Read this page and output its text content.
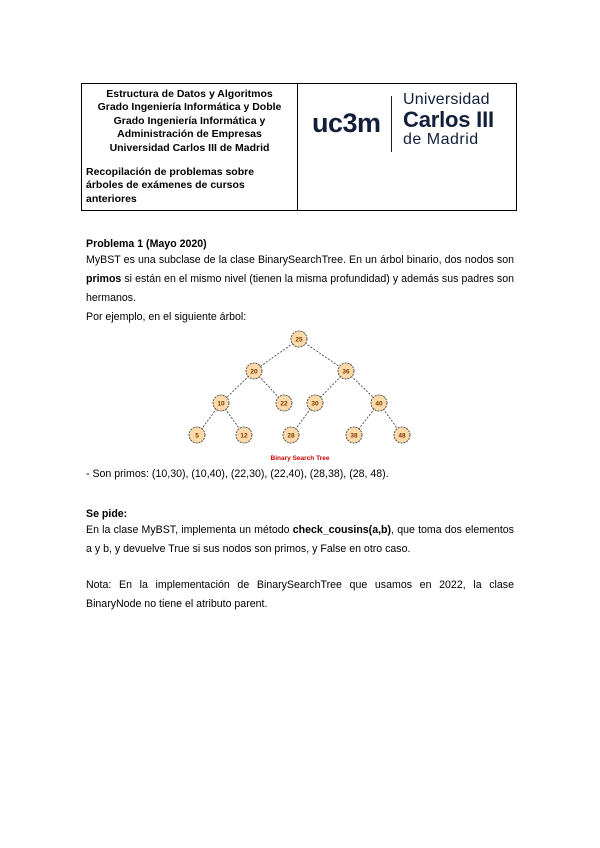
Estructura de Datos y Algoritmos
Grado Ingeniería Informática y Doble
Grado Ingeniería Informática y
Administración de Empresas
Universidad Carlos III de Madrid
Recopilación de problemas sobre árboles de exámenes de cursos anteriores
uc3m
Universidad
Carlos III
de Madrid
Problema 1 (Mayo 2020)
MyBST es una subclase de la clase BinarySearchTree. En un árbol binario, dos nodos son primos si están en el mismo nivel (tienen la misma profundidad) y además sus padres son hermanos.
Por ejemplo, en el siguiente árbol:
25
20	36
10	22	30	40
5	12	28	38	48
Binary Search Tree
- Son primos: (10,30), (10,40), (22,30), (22,40), (28,38), (28, 48).
Se pide:
En la clase MyBST, implementa un método check_cousins(a,b), que toma dos elementos a y b, y devuelve True si sus nodos son primos, y False en otro caso.
Nota: En la implementación de BinarySearchTree que usamos en 2022, la clase BinaryNode no tiene el atributo parent.
